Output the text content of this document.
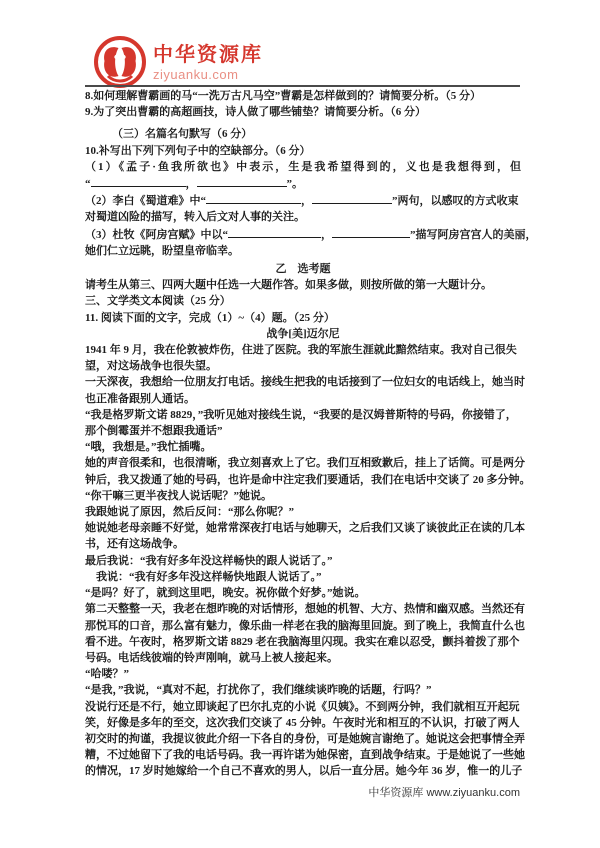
中华资源库
ziyuanku.com
8.如何理解曹霸画的马“一洗万古凡马空”曹霸是怎样做到的？请简要分析。（5 分）
9.为了突出曹霸的高超画技，诗人做了哪些铺垫？请简要分析。（6 分）
（三）名篇名句默写（6 分）
10.补写出下列下列句子中的空缺部分。（6 分）
（1）《孟子·鱼我所欲也》中表示，生是我希望得到的，义也是我想得到，但
“	，	”。
（2）李白《蜀道难》中“	，	”两句，以感叹的方式收束
对蜀道凶险的描写，转入后文对人事的关注。
（3）杜牧《阿房宫赋》中以“	，	”描写阿房宫宫人的美丽，
她们仁立远眺，盼望皇帝临幸。
乙　选考题
请考生从第三、四两大题中任选一大题作答。如果多做，则按所做的第一大题计分。
三、文学类文本阅读（25 分）
11. 阅读下面的文字，完成（1）~（4）题。（25 分）
战争[美]迈尔尼
1941 年 9 月，我在伦敦被炸伤，住进了医院。我的军旅生涯就此黯然结束。我对自己很失
望，对这场战争也很失望。
一天深夜，我想给一位朋友打电话。接线生把我的电话接到了一位妇女的电话线上，她当时
也正准备跟别人通话。
“我是格罗斯文诺 8829，”我听见她对接线生说，“我要的是汉姆普斯特的号码，你接错了，
那个倒霉蛋并不想跟我通话”
“哦，我想是。”我忙插嘴。
她的声音很柔和，也很清晰，我立刻喜欢上了它。我们互相致歉后，挂上了话筒。可是两分
钟后，我又拨通了她的号码，也许是命中注定我们要通话，我们在电话中交谈了 20 多分钟。
“你干嘛三更半夜找人说话呢？”她说。
我跟她说了原因，然后反问：“那么你呢？”
她说她老母亲睡不好觉，她常常深夜打电话与她聊天，之后我们又谈了谈彼此正在读的几本
书，还有这场战争。
最后我说：“我有好多年没这样畅快的跟人说话了。”
我说：“我有好多年没这样畅快地跟人说话了。”
“是吗？好了，就到这里吧，晚安。祝你做个好梦。”她说。
第二天整整一天，我老在想昨晚的对话情形，想她的机智、大方、热情和幽双感。当然还有
那悦耳的口音，那么富有魅力，像乐曲一样老在我的脑海里回旋。到了晚上，我简直什么也
看不进。午夜时，格罗斯文诺 8829 老在我脑海里闪现。我实在难以忍受，颤抖着拨了那个
号码。电话线彼端的铃声刚响，就马上被人接起来。
“哈喽？”
“是我，”我说，“真对不起，打扰你了，我们继续谈昨晚的话题，行吗？”
没说行还是不行，她立即谈起了巴尔扎克的小说《贝姨》。不到两分钟，我们就相互开起玩
笑，好像是多年的至交，这次我们交谈了 45 分钟。午夜时光和相互的不认识，打破了两人
初交时的拘谨，我提议彼此介绍一下各自的身份，可是她婉言谢绝了。她说这会把事情全弄
糟，不过她留下了我的电话号码。我一再许诺为她保密，直到战争结束。于是她说了一些她
的情况，17 岁时她嫁给一个自己不喜欢的男人，以后一直分居。她今年 36 岁，惟一的儿子
中华资源库 www.ziyuanku.com
